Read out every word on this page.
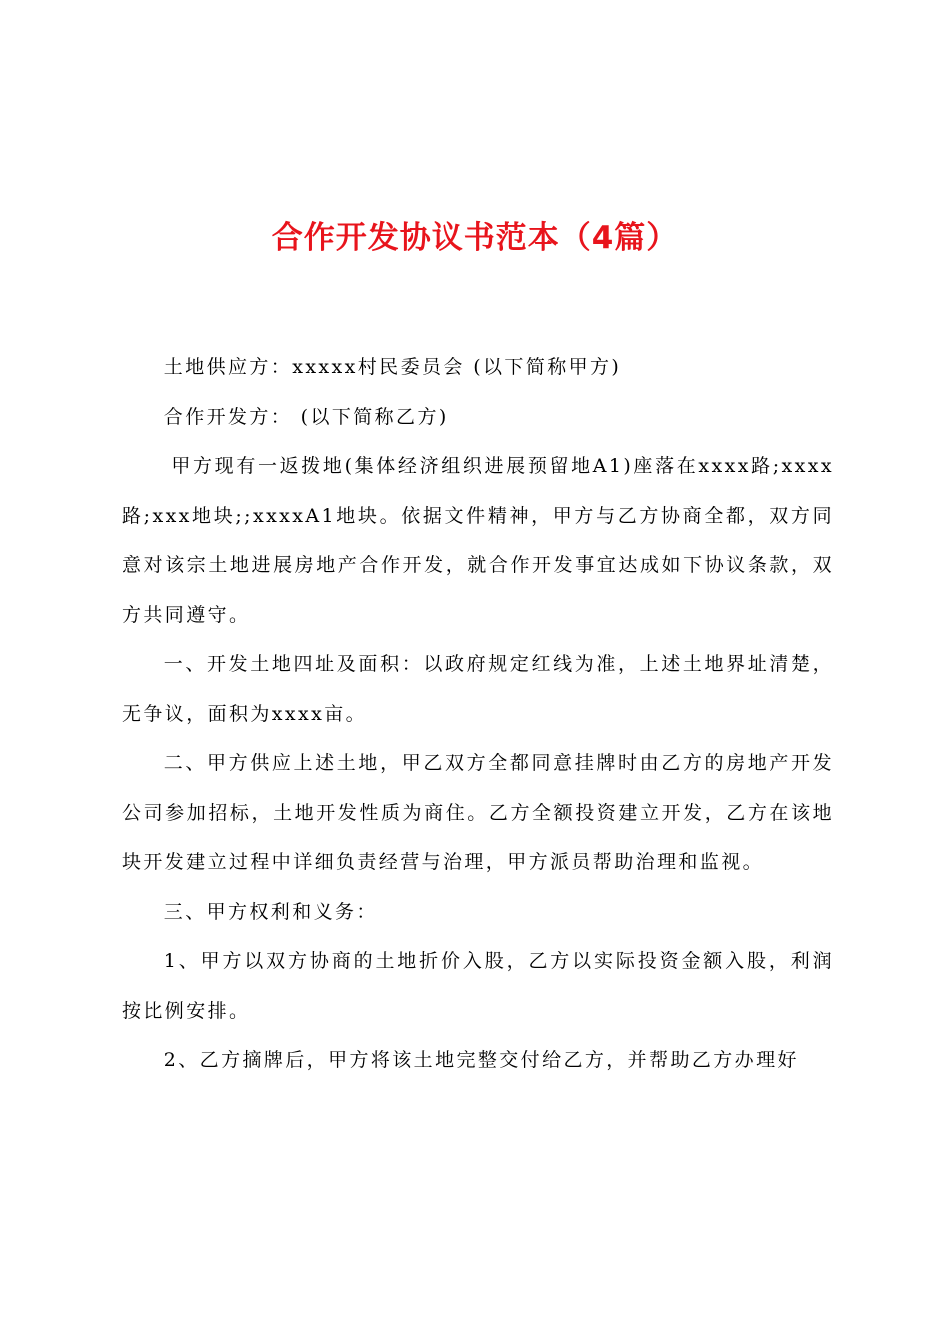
合作开发协议书范本（4篇）

土地供应方：xxxxx村民委员会 (以下简称甲方)

合作开发方： (以下简称乙方)

甲方现有一返拨地(集体经济组织进展预留地A1)座落在xxxx路;xxxx路;xxx地块;;xxxxA1地块。依据文件精神，甲方与乙方协商全都，双方同意对该宗土地进展房地产合作开发，就合作开发事宜达成如下协议条款，双方共同遵守。

一、开发土地四址及面积：以政府规定红线为准，上述土地界址清楚，无争议，面积为xxxx亩。

二、甲方供应上述土地，甲乙双方全都同意挂牌时由乙方的房地产开发公司参加招标，土地开发性质为商住。乙方全额投资建立开发，乙方在该地块开发建立过程中详细负责经营与治理，甲方派员帮助治理和监视。

三、甲方权利和义务：

1、甲方以双方协商的土地折价入股，乙方以实际投资金额入股，利润按比例安排。

2、乙方摘牌后，甲方将该土地完整交付给乙方，并帮助乙方办理好
